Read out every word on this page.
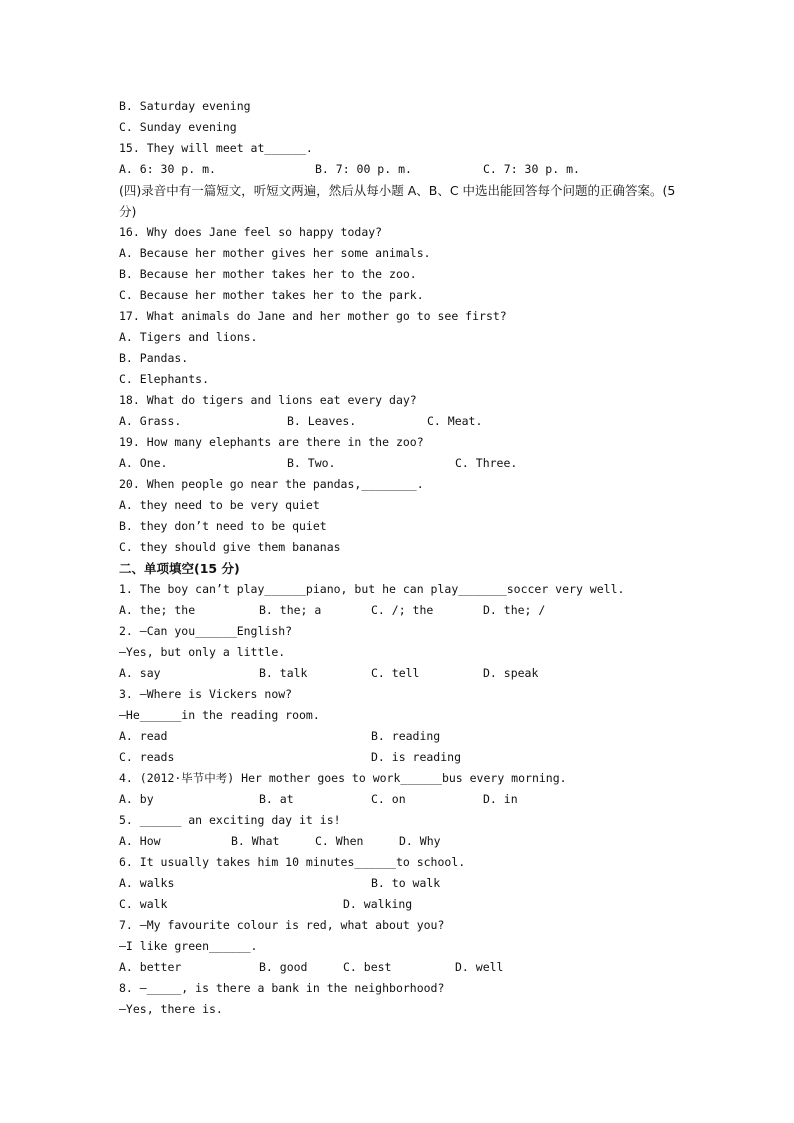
B. Saturday evening
C. Sunday evening
15. They will meet at______.

A. 6: 30 p. m.

	B. 7: 00 p. m.

	C. 7: 30 p. m.

(四)录音中有一篇短文，听短文两遍，然后从每小题 A、B、C 中选出能回答每个问题的正确答案。(5 分)
16. Why does Jane feel so happy today?
A. Because her mother gives her some animals.
B. Because her mother takes her to the zoo.
C. Because her mother takes her to the park.
17. What animals do Jane and her mother go to see first?
A. Tigers and lions.
B. Pandas.
C. Elephants.
18. What do tigers and lions eat every day?

A. Grass.

	B. Leaves.

	C. Meat.

19. How many elephants are there in the zoo?

A. One.

	B. Two.

	C. Three.

20. When people go near the pandas,________.
A. they need to be very quiet
B. they don’t need to be quiet
C. they should give them bananas
二、单项填空(15 分)
1. The boy can’t play______piano, but he can play_______soccer very well.

A. the; the

	B. the; a

	C. /; the

	D. the; /

2. —Can you______English?
—Yes, but only a little.

A. say

	B. talk

	C. tell

	D. speak

3. —Where is Vickers now?
—He______in the reading room.

A. read

	B. reading

C. reads

	D. is reading

4. (2012·毕节中考) Her mother goes to work______bus every morning.

A. by

	B. at

	C. on

	D. in

5. ______ an exciting day it is!

A. How

	B. What

	C. When

	D. Why

6. It usually takes him 10 minutes______to school.

A. walks

	B. to walk

C. walk

	D. walking

7. —My favourite colour is red, what about you?
—I like green______.

A. better

	B. good

	C. best

	D. well

8. —_____, is there a bank in the neighborhood?
—Yes, there is.
